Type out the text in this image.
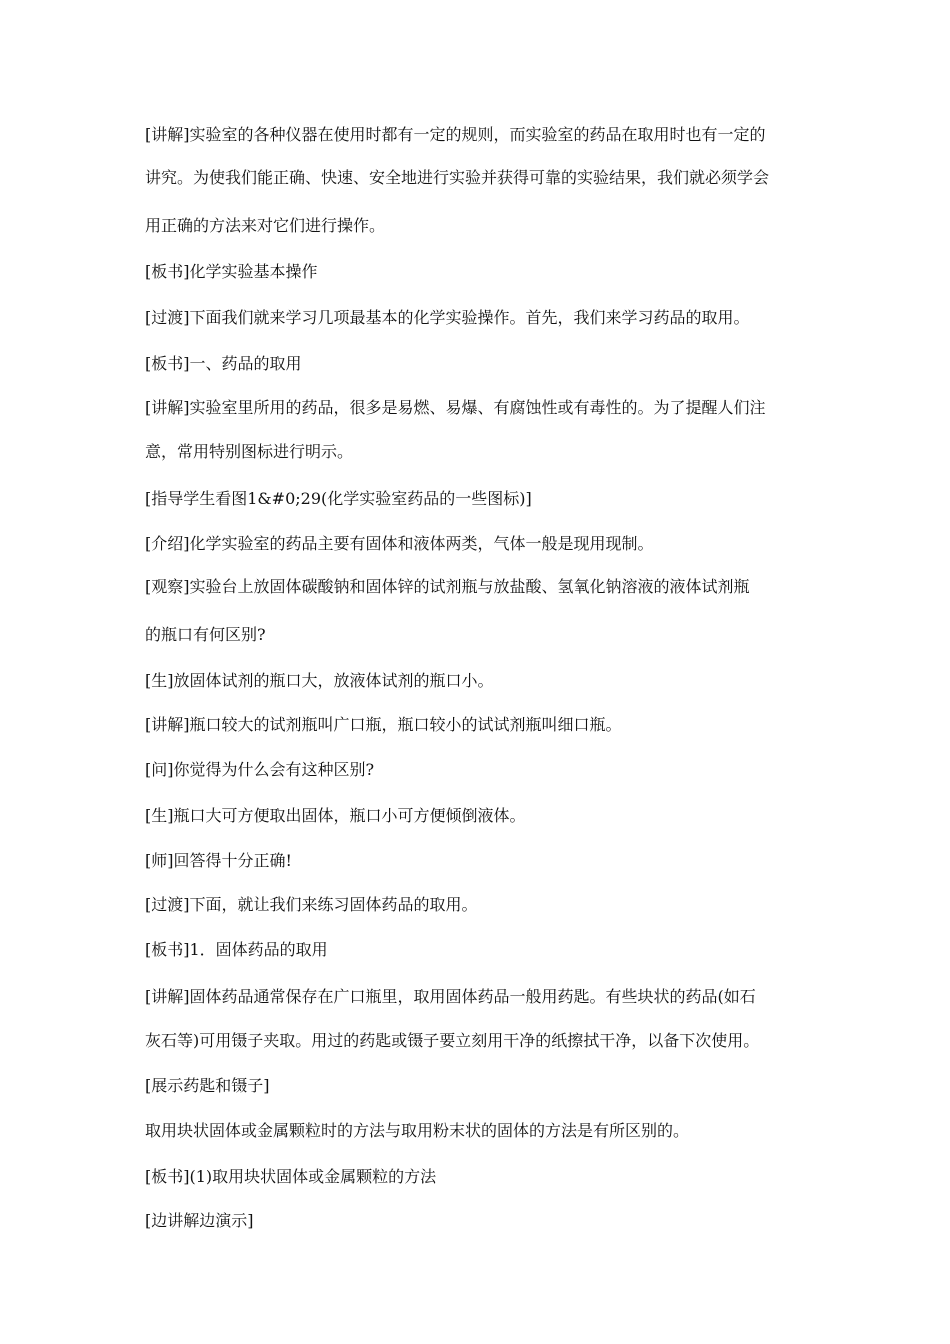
[讲解]实验室的各种仪器在使用时都有一定的规则，而实验室的药品在取用时也有一定的
讲究。为使我们能正确、快速、安全地进行实验并获得可靠的实验结果，我们就必须学会
用正确的方法来对它们进行操作。
[板书]化学实验基本操作
[过渡]下面我们就来学习几项最基本的化学实验操作。首先，我们来学习药品的取用。
[板书]一、药品的取用
[讲解]实验室里所用的药品，很多是易燃、易爆、有腐蚀性或有毒性的。为了提醒人们注
意，常用特别图标进行明示。
[指导学生看图1&#0;29(化学实验室药品的一些图标)]
[介绍]化学实验室的药品主要有固体和液体两类，气体一般是现用现制。
[观察]实验台上放固体碳酸钠和固体锌的试剂瓶与放盐酸、氢氧化钠溶液的液体试剂瓶
的瓶口有何区别?
[生]放固体试剂的瓶口大，放液体试剂的瓶口小。
[讲解]瓶口较大的试剂瓶叫广口瓶，瓶口较小的试试剂瓶叫细口瓶。
[问]你觉得为什么会有这种区别?
[生]瓶口大可方便取出固体，瓶口小可方便倾倒液体。
[师]回答得十分正确!
[过渡]下面，就让我们来练习固体药品的取用。
[板书]1．固体药品的取用
[讲解]固体药品通常保存在广口瓶里，取用固体药品一般用药匙。有些块状的药品(如石
灰石等)可用镊子夹取。用过的药匙或镊子要立刻用干净的纸擦拭干净，以备下次使用。
[展示药匙和镊子]
取用块状固体或金属颗粒时的方法与取用粉末状的固体的方法是有所区别的。
[板书](1)取用块状固体或金属颗粒的方法
[边讲解边演示]
